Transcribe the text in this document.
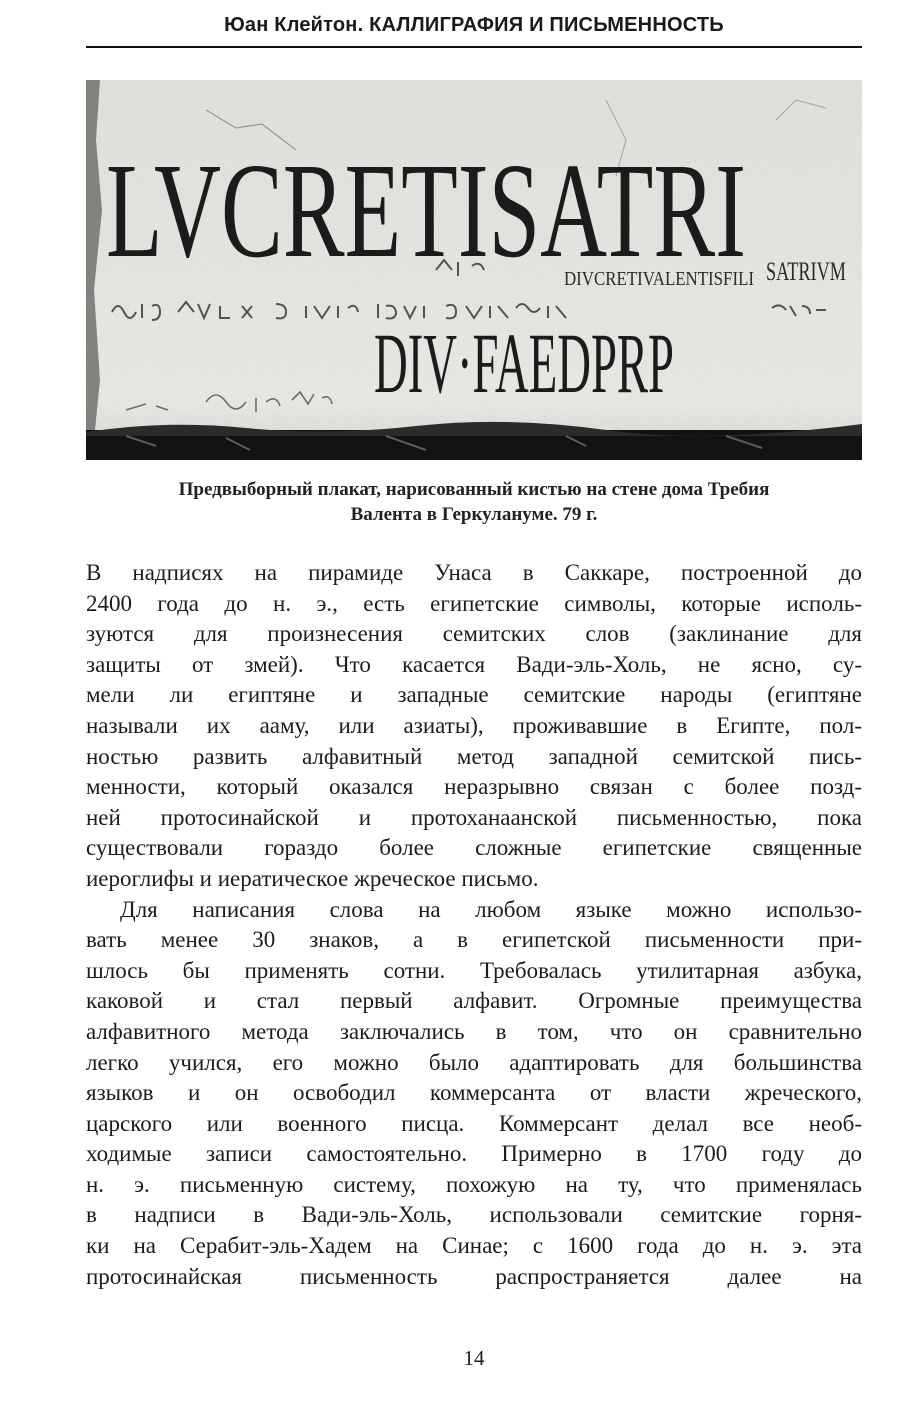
Юан Клейтон. КАЛЛИГРАФИЯ И ПИСЬМЕННОСТЬ
LVCRETISATRI
DIVCRETIVALENTISFILI SATRIVM
DIV·FAEDPRP
Предвыборный плакат, нарисованный кистью на стене дома Требия
Валента в Геркулануме. 79 г.
В надписях на пирамиде Унаса в Саккаре, построенной до
2400 года до н. э., есть египетские символы, которые исполь-
зуются для произнесения семитских слов (заклинание для
защиты от змей). Что касается Вади-эль-Холь, не ясно, су-
мели ли египтяне и западные семитские народы (египтяне
называли их ааму, или азиаты), проживавшие в Египте, пол-
ностью развить алфавитный метод западной семитской пись-
менности, который оказался неразрывно связан с более позд-
ней протосинайской и протоханаанской письменностью, пока
существовали гораздо более сложные египетские священные
иероглифы и иератическое жреческое письмо.
Для написания слова на любом языке можно использо-
вать менее 30 знаков, а в египетской письменности при-
шлось бы применять сотни. Требовалась утилитарная азбука,
каковой и стал первый алфавит. Огромные преимущества
алфавитного метода заключались в том, что он сравнительно
легко учился, его можно было адаптировать для большинства
языков и он освободил коммерсанта от власти жреческого,
царского или военного писца. Коммерсант делал все необ-
ходимые записи самостоятельно. Примерно в 1700 году до
н. э. письменную систему, похожую на ту, что применялась
в надписи в Вади-эль-Холь, использовали семитские горня-
ки на Серабит-эль-Хадем на Синае; с 1600 года до н. э. эта
протосинайская письменность распространяется далее на
14
